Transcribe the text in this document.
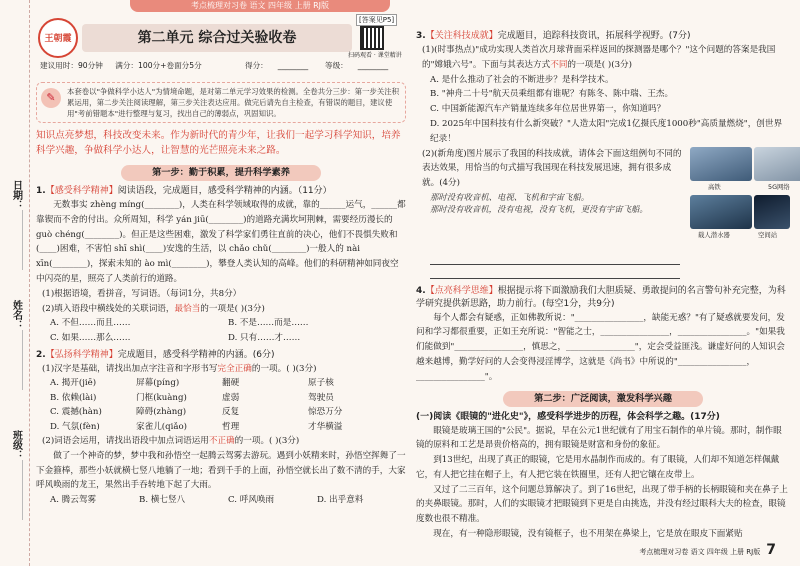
考点梳理对习卷 语文 四年级 上册 RJ版
日期：
姓名：
班级：
王朝霞	第二单元 综合过关验收卷
[答案见P5]
扫码观看 · 课堂精讲
建议用时：90分钟 满分：100分+卷面分5分	得分： ________ 等级： ________
✎	本套卷以"争做科学小达人"为情境命题，是对第二单元学习效果的检测。全卷共分三步：第一步关注积累运用，第二步关注阅读理解，第三步关注表达应用。做完后请先自主检查，有错误的题目，建议使用"考前错题本"进行整理与复习，找出自己的薄弱点，巩固知识。
知识点亮梦想，科技改变未来。作为新时代的青少年，让我们一起学习科学知识，培养科学兴趣，争做科学小达人，让智慧的光芒照亮未来之路。
第一步：勤于积累，提升科学素养
1.【感受科学精神】阅读语段，完成题目，感受科学精神的内涵。（11分）
无数事实 zhèng míng(________)，人类在科学领域取得的成就，靠的______运气，______都靠锲而不舍的付出。众所周知，科学 yán jiū(________)的道路充满坎坷荆棘，需要经历漫长的 guò chéng(________)。但正是这些困难，激发了科学家们勇往直前的决心，他们不畏惧失败和(____)困难，不害怕 shī shì(____)安逸的生活，以 chǎo chǔ(________)一般人的 nài xīn(________)，探索未知的 ào mì(________)，攀登人类认知的高峰。他们的科研精神如同夜空中闪亮的星，照亮了人类前行的道路。
(1)根据语境，看拼音，写词语。（每词1分，共8分）
(2)填入语段中横线处的关联词语，最恰当的一项是( )(3分)
A. 不但……而且……	B. 不是……而是……
C. 如果……那么……	D. 只有……才……
2.【弘扬科学精神】完成题目，感受科学精神的内涵。(6分)
(1)汉字是基础，请找出加点字注音和字形书写完全正确的一项。( )(3分)
A. 揭开(jiē)	屏幕(píng)	翻硬	原子核
B. 依赖(lài)	门框(kuàng)	虚弱	驾驶员
C. 震撼(hàn)	障碍(zhàng)	反复	惊恐万分
D. 气氛(fèn)	家雀儿(qiǎo)	哲理	才华横溢
(2)词语会运用，请找出语段中加点词语运用不正确的一项。( )(3分)
做了一个神奇的梦，梦中我和孙悟空一起腾云驾雾去游玩。遇到小妖精来时，孙悟空挥舞了一下金箍棒，那些小妖就横七竖八地躺了一地；看到千手的上面，孙悟空就长出了数不清的手，大家呼风唤雨的龙王，果然出手吞转地下起了大雨。
A. 腾云驾雾	B. 横七竖八	C. 呼风唤雨	D. 出乎意料
3.【关注科技成就】完成题目，追踪科技资讯，拓展科学视野。(7分)
(1)(时事热点)"成功实现人类首次月球背面采样返回的探测器是哪个？"这个问题的答案是我国的"嫦娥六号"。下面与其表达方式不同的一项是( )(3分)
A. 是什么推动了社会的不断进步？是科学技术。
B. "神舟二十号"航天员乘组都有谁呢？有陈冬、陈中瑞、王杰。
C. 中国新能源汽车产销量连续多年位居世界第一，你知道吗？
D. 2025年中国科技有什么新突破？"人造太阳"完成1亿摄氏度1000秒"高质量燃烧"，创世界纪录！
(2)(新角度)图片展示了我国的科技成就，请体会下面这组例句不同的表达效果，用恰当的句式描写我国现在科技发展迅速，拥有很多成就。(4分)
那时没有收音机、电视、飞机和宇宙飞船。
那时没有收音机，没有电视，没有飞机，更没有宇宙飞船。
高铁	5G网络
载人潜水器	空间站
4.【点亮科学思维】根据提示将下面激励我们大胆质疑、勇敢提问的名言警句补充完整，为科学研究提供新思路，助力前行。(每空1分，共9分)
每个人都会有疑惑，正如佛教所说："________________，缺能无惑？"有了疑惑就要发问，发问和学习都很重要，正如王充所说："智能之士，________________，________________。"如果我们能做到"________________，慎思之，________________"，定会受益匪浅。谦虚好问的人知识会越来越博，勤学好问的人会变得浸淫博学，这就是《尚书》中所说的"________________，________________"。
第二步：广泛阅读，激发科学兴趣
(一)阅读《眼镜的"进化史"》，感受科学进步的历程，体会科学之趣。(17分)
眼镜是玻璃王国的"公民"。据说，早在公元1世纪就有了用宝石制作的单片镜。那时，制作眼镜的原料和工艺是昂贵价格高的，拥有眼镜是财富和身份的象征。
到13世纪，出现了真正的眼镜，它是用水晶制作而成的。有了眼镜，人们却不知道怎样佩戴它，有人把它挂在帽子上，有人把它装在铁圈里，还有人把它镶在皮带上。
又过了二三百年，这个问题总算解决了。到了16世纪，出现了带手柄的长柄眼镜和夹在鼻子上的夹鼻眼镜。那时，人们的实眼镜才把眼镜到下更是自由挑选，并没有经过眼科大夫的检查，眼镜度数也很不精准。
现在，有一种隐形眼镜，没有镜框子，也不用架在鼻梁上，它是放在眼皮下面紧贴
考点梳理对习卷 语文 四年级 上册 RJ版 7
